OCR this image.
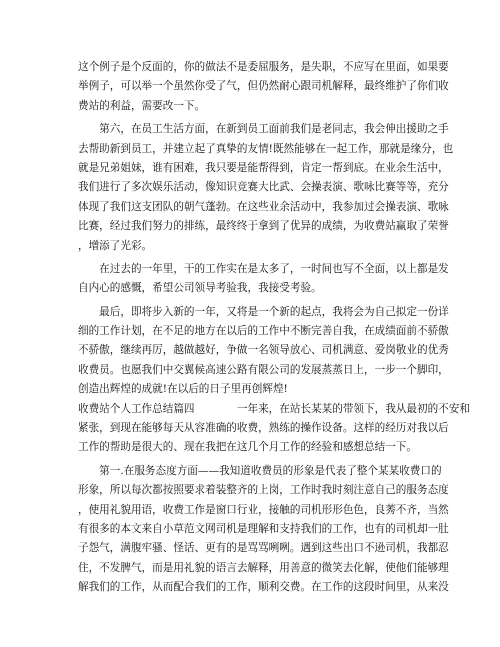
这个例子是个反面的，你的做法不是委屈服务，是失职，不应写在里面，如果要
举例子，可以举一个虽然你受了气，但仍然耐心跟司机解释，最终维护了你们收
费站的利益，需要改一下。
　　第六，在员工生活方面，在新到员工面前我们是老同志，我会伸出援助之手
去帮助新到员工，并建立起了真挚的友情!既然能够在一起工作，那就是缘分，也
就是兄弟姐妹，谁有困难，我只要是能帮得到，肯定一帮到底。在业余生活中，
我们进行了多次娱乐活动，像知识竞赛大比武、会操表演、歌咏比赛等等，充分
体现了我们这支团队的朝气蓬勃。在这些业余活动中，我参加过会操表演、歌咏
比赛，经过我们努力的排练，最终终于拿到了优异的成绩，为收费站赢取了荣誉
，增添了光彩。
　　在过去的一年里，干的工作实在是太多了，一时间也写不全面，以上都是发
自内心的感慨，希望公司领导考验我，我接受考验。
　　最后，即将步入新的一年，又将是一个新的起点，我将会为自己拟定一份详
细的工作计划，在不足的地方在以后的工作中不断完善自我，在成绩面前不骄傲
不骄傲，继续再厉，越做越好，争做一名领导放心、司机满意、爱岗敬业的优秀
收费员。也愿我们中交翼候高速公路有限公司的发展蒸蒸日上，一步一个脚印，
创造出辉煌的成就!在以后的日子里再创辉煌!
收费站个人工作总结篇四　　　　一年来，在站长某某的带领下，我从最初的不安和
紧张，到现在能够每天从容准确的收费，熟练的操作设备。这样的经历对我以后
工作的帮助是很大的、现在我把在这几个月工作的经验和感想总结一下。
　　第一.在服务态度方面——我知道收费员的形象是代表了整个某某收费口的
形象，所以每次都按照要求着装整齐的上岗，工作时我时刻注意自己的服务态度
，使用礼貌用语，收费工作是窗口行业，接触的司机形形色色，良莠不齐，当然
有很多的本文来自小草范文网司机是理解和支持我们的工作，也有的司机却一肚
子怨气，满腹牢骚、怪话、更有的是骂骂咧咧。遇到这些出口不逊司机，我都忍
住，不发脾气，而是用礼貌的语言去解释，用善意的微笑去化解，使他们能够理
解我们的工作，从而配合我们的工作，顺利交费。在工作的这段时间里，从来没
